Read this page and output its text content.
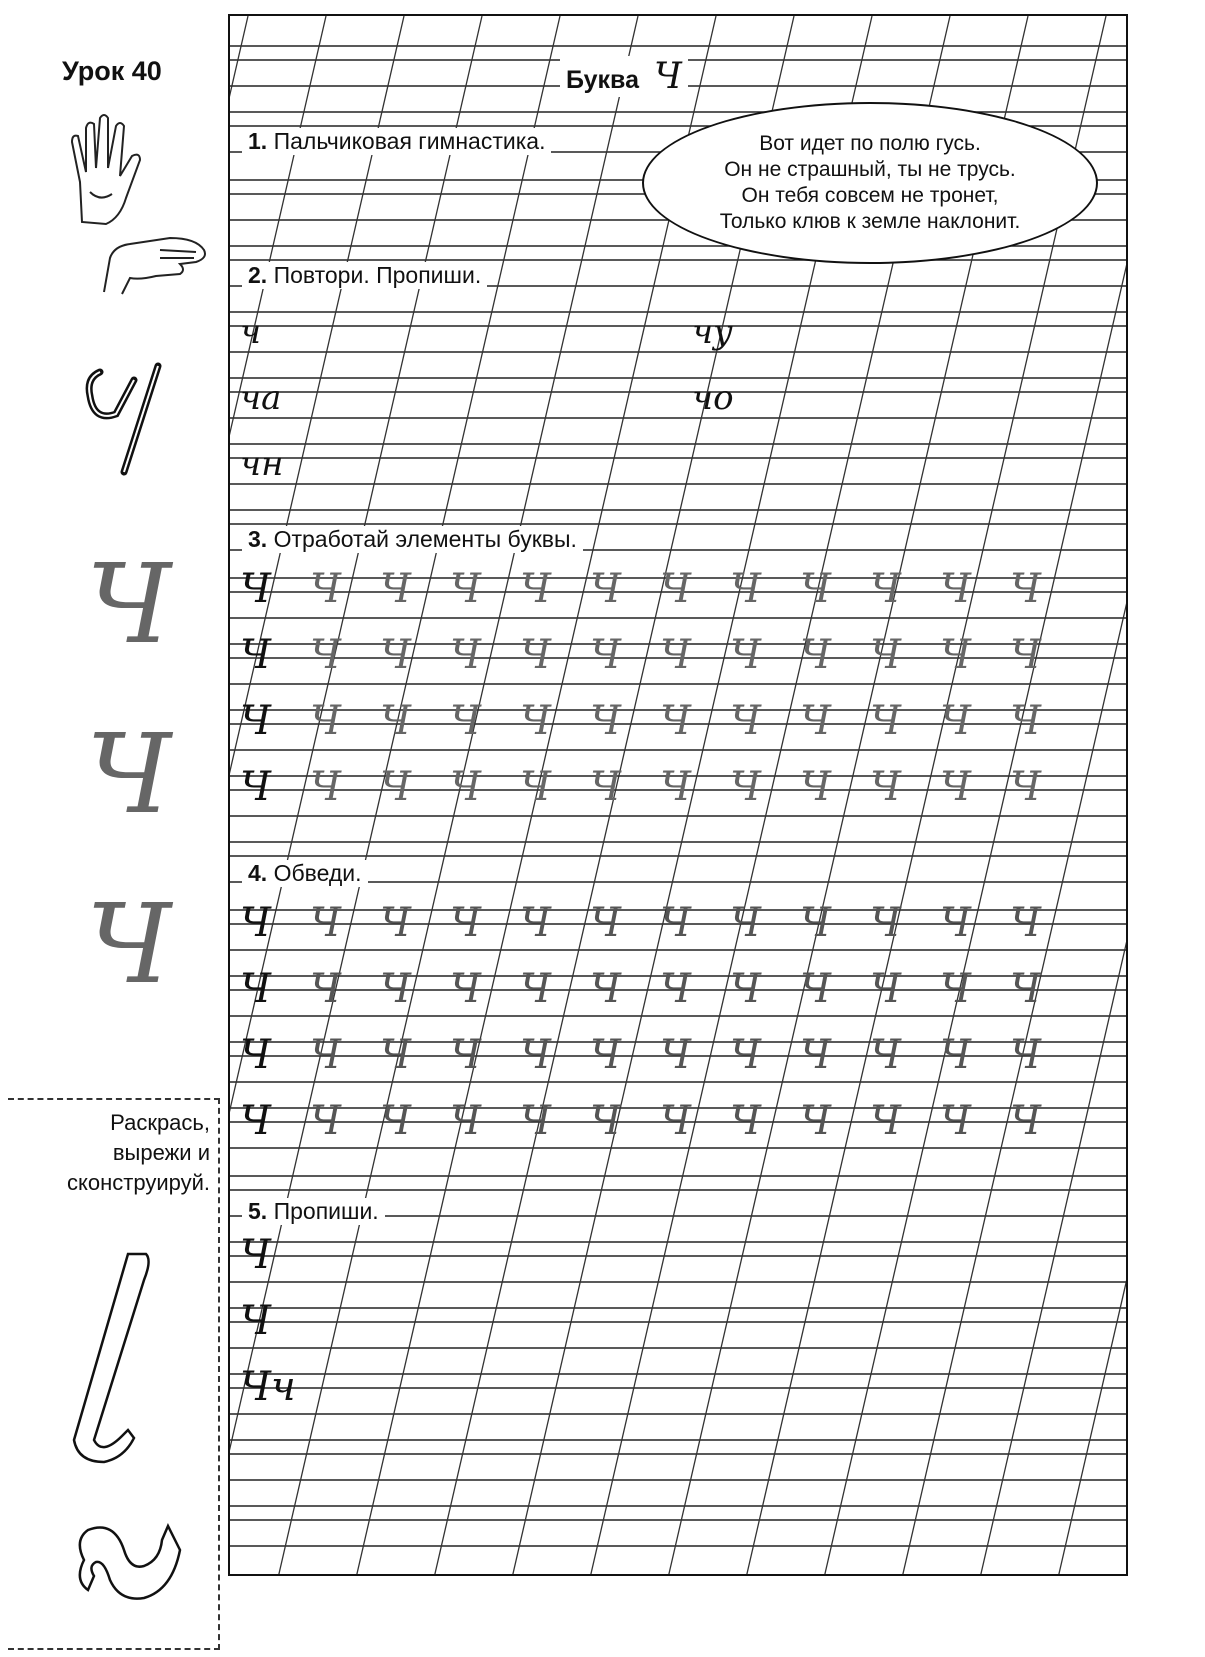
Урок 40
Ч
Ч
Ч
Раскрась,
вырежи и
сконструируй.
Буква Ч
1. Пальчиковая гимнастика.
2. Повтори. Пропиши.
3. Отработай элементы буквы.
4. Обведи.
5. Пропиши.
Вот идет по полю гусь.
Он не страшный, ты не трусь.
Он тебя совсем не тронет,
Только клюв к земле наклонит.
ч	чу
ча	чо
чн
Ч Ч Ч Ч Ч Ч Ч Ч Ч Ч Ч Ч
Ч Ч Ч Ч Ч Ч Ч Ч Ч Ч Ч Ч
Ч Ч Ч Ч Ч Ч Ч Ч Ч Ч Ч Ч
Ч Ч Ч Ч Ч Ч Ч Ч Ч Ч Ч Ч
Ч Ч Ч Ч Ч Ч Ч Ч Ч Ч Ч Ч
Ч Ч Ч Ч Ч Ч Ч Ч Ч Ч Ч Ч
Ч Ч Ч Ч Ч Ч Ч Ч Ч Ч Ч Ч
Ч Ч Ч Ч Ч Ч Ч Ч Ч Ч Ч Ч
Ч
Ч
Чч
